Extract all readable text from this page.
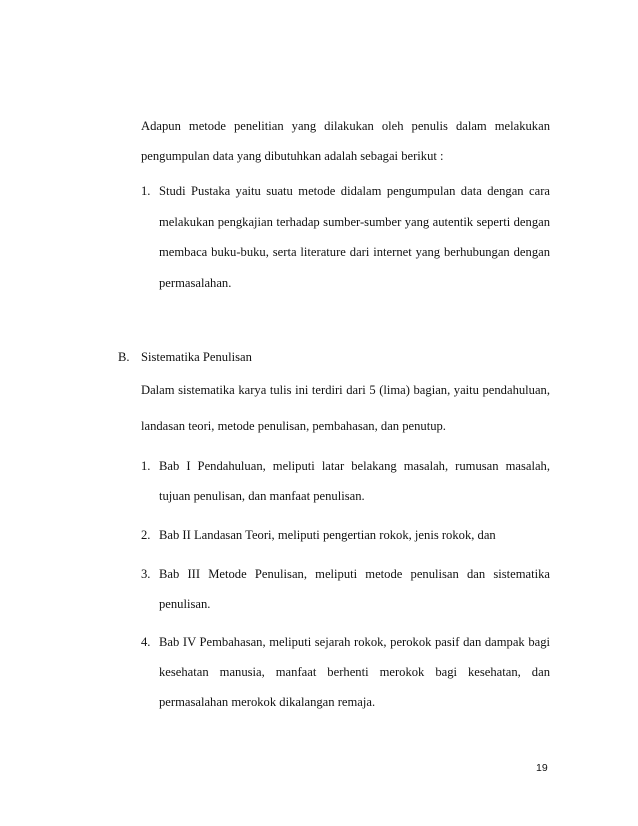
Adapun metode penelitian yang dilakukan oleh penulis dalam melakukan
pengumpulan data yang dibutuhkan adalah sebagai berikut :
1. Studi Pustaka yaitu suatu metode didalam pengumpulan data dengan cara
melakukan pengkajian terhadap sumber-sumber yang autentik seperti dengan
membaca buku-buku, serta literature dari internet yang berhubungan dengan
permasalahan.
B. Sistematika Penulisan
Dalam sistematika karya tulis ini terdiri dari 5 (lima) bagian, yaitu pendahuluan,
landasan teori, metode penulisan, pembahasan, dan penutup.
1. Bab I Pendahuluan, meliputi latar belakang masalah, rumusan masalah,
tujuan penulisan, dan manfaat penulisan.
2. Bab II Landasan Teori, meliputi pengertian rokok, jenis rokok, dan
3. Bab III Metode Penulisan, meliputi metode penulisan dan sistematika
penulisan.
4. Bab IV Pembahasan, meliputi sejarah rokok, perokok pasif dan dampak bagi
kesehatan manusia, manfaat berhenti merokok bagi kesehatan, dan
permasalahan merokok dikalangan remaja.
19
